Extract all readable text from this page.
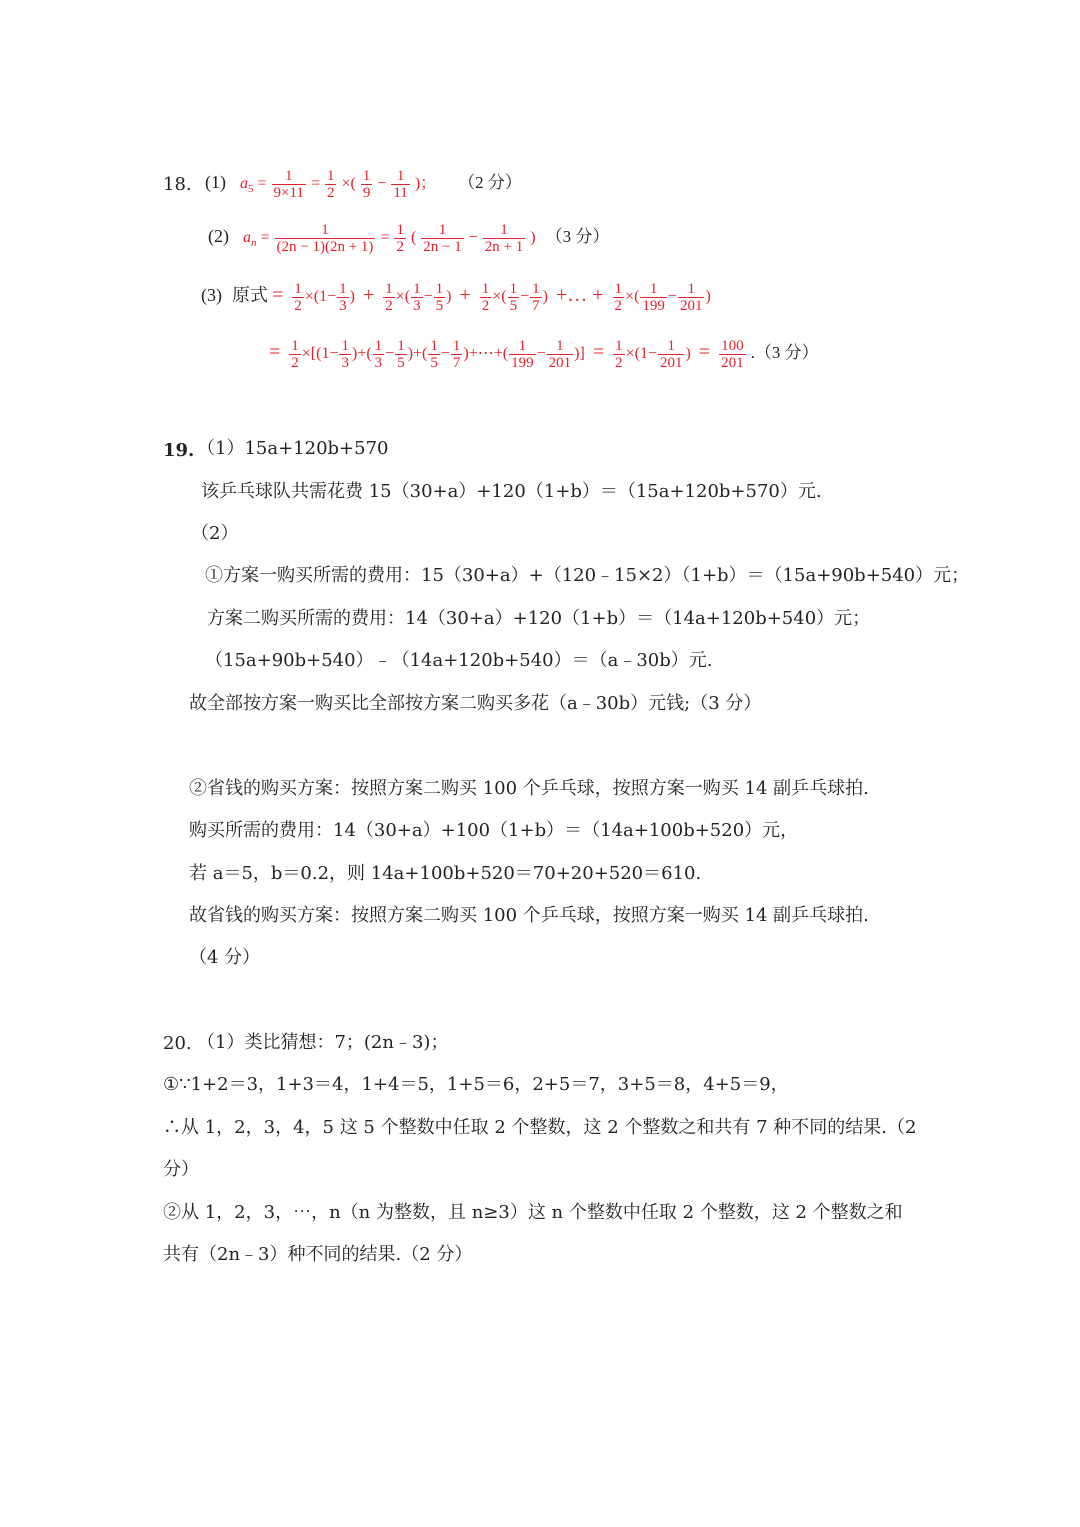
18. (1) $a_5 = \frac{1}{9\times 11} = \frac{1}{2}$ ×( $\frac{1}{9} - \frac{1}{11}$ )； （2 分）
(2) $a_n = \frac{1}{(2n - 1)(2n + 1)} = \frac{1}{2}$ ( $\frac{1}{2n - 1} - \frac{1}{2n + 1}$ ) （3 分）
(3) 原式 = $\frac{1}{2} \times(1- \frac{1}{3}$ ) + $\frac{1}{2}$ ×( $\frac{1}{3} - \frac{1}{5}$ ) + $\frac{1}{2}$ ×( $\frac{1}{5} - \frac{1}{7}$ ) +… + $\frac{1}{2}$ ×( $\frac{1}{199} - \frac{1}{201}$ )
= $\frac{1}{2} \times[(1- \frac{1}{3}$ )+( $\frac{1}{3} - \frac{1}{5}$ )+( $\frac{1}{5} - \frac{1}{7}$ )+⋯+( $\frac{1}{199} - \frac{1}{201}$ )] = $\frac{1}{2} \times(1- \frac{1}{201}$ ) = $\frac{100}{201} .(3$ 分）
19. （1）15a+120b+570
该乒乓球队共需花费 15（30+a）+120（1+b）＝（15a+120b+570）元.
（2）
①方案一购买所需的费用：15（30+a）+（120﹣15×2）（1+b）＝（15a+90b+540）元；
方案二购买所需的费用：14（30+a）+120（1+b）＝（14a+120b+540）元；
（15a+90b+540）﹣（14a+120b+540）＝（a﹣30b）元.
故全部按方案一购买比全部按方案二购买多花（a﹣30b）元钱;（3 分）
②省钱的购买方案：按照方案二购买 100 个乒乓球，按照方案一购买 14 副乒乓球拍.
购买所需的费用：14（30+a）+100（1+b）＝（14a+100b+520）元，
若 a＝5，b＝0.2，则 14a+100b+520＝70+20+520＝610.
故省钱的购买方案：按照方案二购买 100 个乒乓球，按照方案一购买 14 副乒乓球拍.
（4 分）
20. （1）类比猜想：7；(2n﹣3)；
①∵1+2＝3，1+3＝4，1+4＝5，1+5＝6，2+5＝7，3+5＝8，4+5＝9，
∴从 1，2，3，4，5 这 5 个整数中任取 2 个整数，这 2 个整数之和共有 7 种不同的结果.（2
分）
②从 1，2，3，⋯，n（n 为整数，且 n≥3）这 n 个整数中任取 2 个整数，这 2 个整数之和
共有（2n﹣3）种不同的结果.（2 分）
